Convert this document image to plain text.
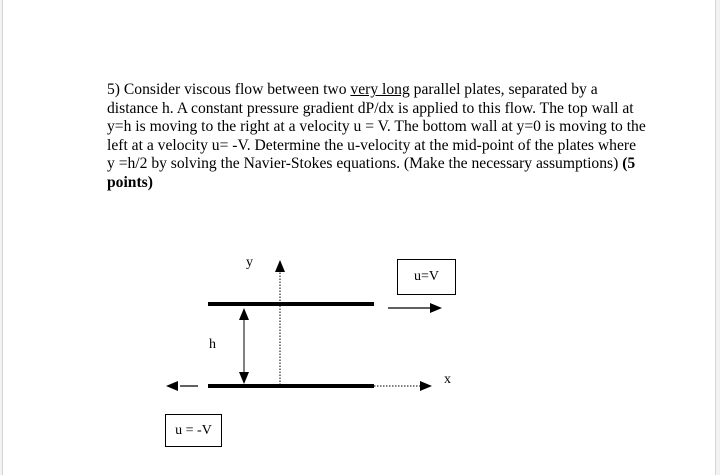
5) Consider viscous flow between two very long parallel plates, separated by a distance h. A constant pressure gradient dP/dx is applied to this flow. The top wall at y=h is moving to the right at a velocity u = V. The bottom wall at y=0 is moving to the left at a velocity u= -V. Determine the u-velocity at the mid-point of the plates where y =h/2 by solving the Navier-Stokes equations. (Make the necessary assumptions) (5 points)
y
x
h
u=V
u = -V
